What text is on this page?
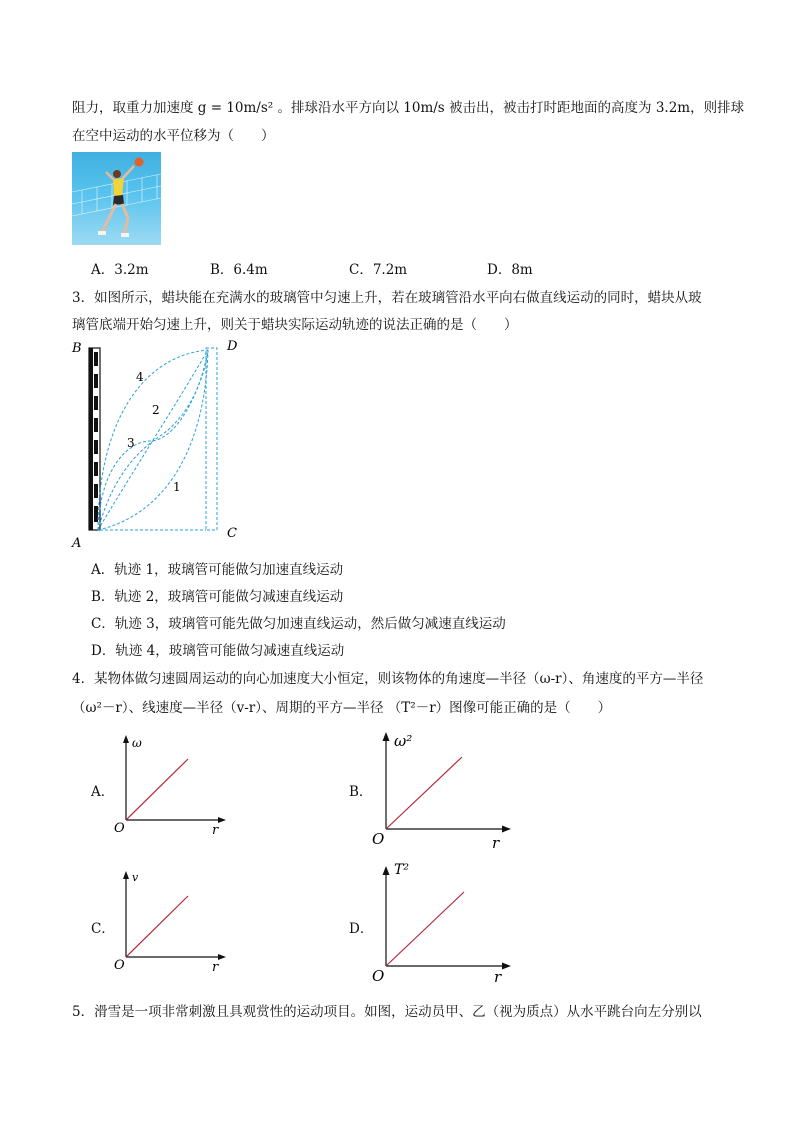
阻力，取重力加速度 g = 10m/s² 。排球沿水平方向以 10m/s 被击出，被击打时距地面的高度为 3.2m，则排球
在空中运动的水平位移为（　　）
A．3.2m	B．6.4m	C．7.2m	D．8m
3．如图所示，蜡块能在充满水的玻璃管中匀速上升，若在玻璃管沿水平向右做直线运动的同时，蜡块从玻
璃管底端开始匀速上升，则关于蜡块实际运动轨迹的说法正确的是（　　）
B	D
A
C
1
2
3
4
A．轨迹 1，玻璃管可能做匀加速直线运动
B．轨迹 2，玻璃管可能做匀减速直线运动
C．轨迹 3，玻璃管可能先做匀加速直线运动，然后做匀减速直线运动
D．轨迹 4，玻璃管可能做匀减速直线运动
4．某物体做匀速圆周运动的向心加速度大小恒定，则该物体的角速度—半径（ω-r）、角速度的平方—半径
（ω²－r）、线速度—半径（v-r）、周期的平方—半径 （T²－r）图像可能正确的是（　　）
A．
ω
r
O
B．
ω²
r
O
C．
v
r
O
D．
T²
r
O
5．滑雪是一项非常刺激且具观赏性的运动项目。如图，运动员甲、乙（视为质点）从水平跳台向左分别以
